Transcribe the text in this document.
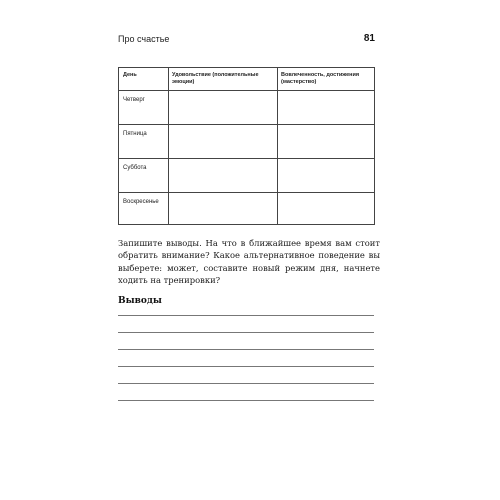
Про счастье	81
День	Удовольствие (положительные эмоции)
Вовлеченность, достижения (мастерство)
Четверг
Пятница
Суббота
Воскресенье

Запишите выводы. На что в ближайшее время вам стоит обратить внимание? Какое альтернативное поведение вы выберете: может, составите новый режим дня, начнете ходить на тренировки?

Выводы
